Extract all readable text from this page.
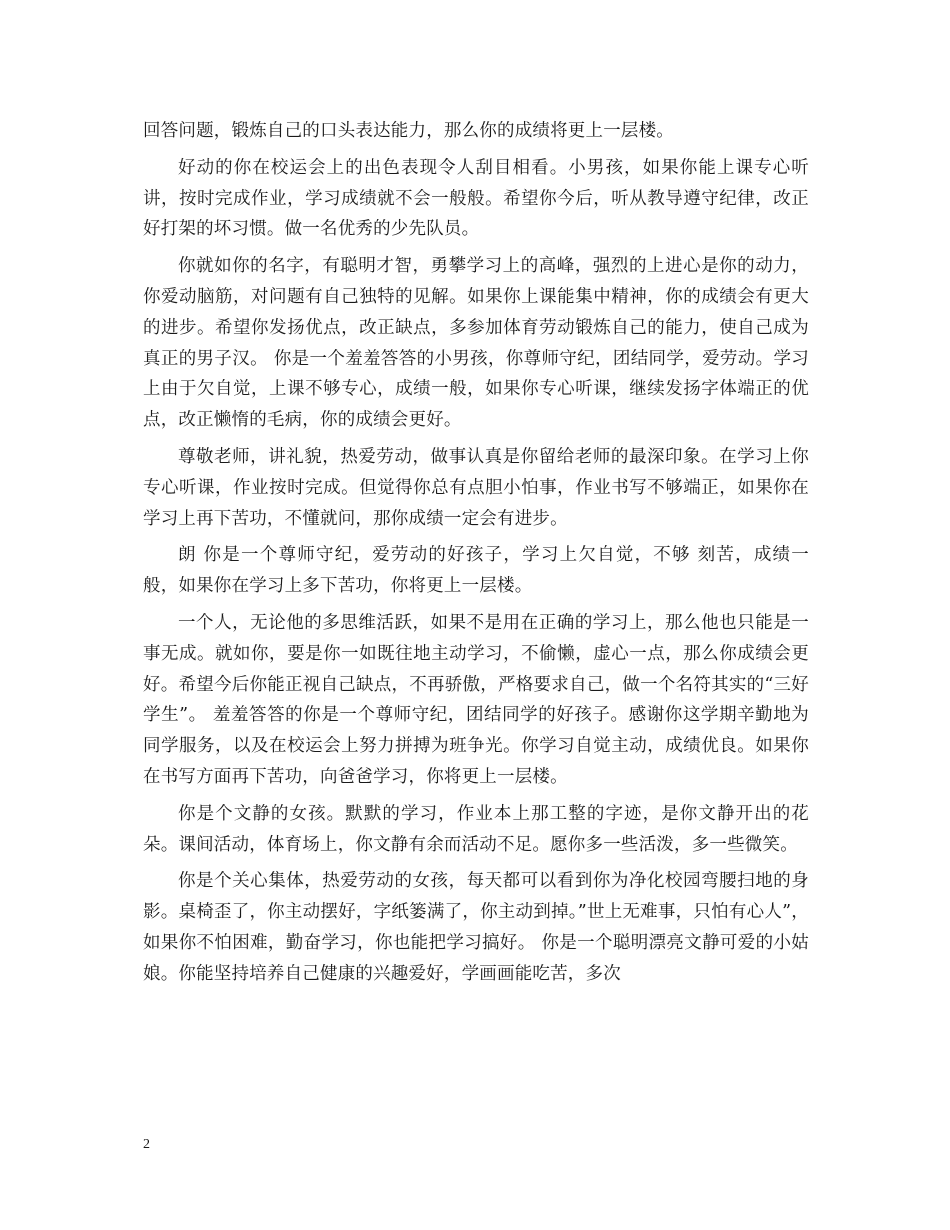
回答问题，锻炼自己的口头表达能力，那么你的成绩将更上一层楼。

好动的你在校运会上的出色表现令人刮目相看。小男孩，如果你能上课专心听讲，按时完成作业，学习成绩就不会一般般。希望你今后，听从教导遵守纪律，改正好打架的坏习惯。做一名优秀的少先队员。

你就如你的名字，有聪明才智，勇攀学习上的高峰，强烈的上进心是你的动力，你爱动脑筋，对问题有自己独特的见解。如果你上课能集中精神，你的成绩会有更大的进步。希望你发扬优点，改正缺点，多参加体育劳动锻炼自己的能力，使自己成为真正的男子汉。 你是一个羞羞答答的小男孩，你尊师守纪，团结同学，爱劳动。学习上由于欠自觉，上课不够专心，成绩一般，如果你专心听课，继续发扬字体端正的优点，改正懒惰的毛病，你的成绩会更好。

尊敬老师，讲礼貌，热爱劳动，做事认真是你留给老师的最深印象。在学习上你专心听课，作业按时完成。但觉得你总有点胆小怕事，作业书写不够端正，如果你在学习上再下苦功，不懂就问，那你成绩一定会有进步。

朗 你是一个尊师守纪，爱劳动的好孩子，学习上欠自觉，不够 刻苦，成绩一般，如果你在学习上多下苦功，你将更上一层楼。

一个人，无论他的多思维活跃，如果不是用在正确的学习上，那么他也只能是一事无成。就如你，要是你一如既往地主动学习，不偷懒，虚心一点，那么你成绩会更好。希望今后你能正视自己缺点，不再骄傲，严格要求自己，做一个名符其实的“三好学生”。 羞羞答答的你是一个尊师守纪，团结同学的好孩子。感谢你这学期辛勤地为同学服务，以及在校运会上努力拼搏为班争光。你学习自觉主动，成绩优良。如果你在书写方面再下苦功，向爸爸学习，你将更上一层楼。

你是个文静的女孩。默默的学习，作业本上那工整的字迹，是你文静开出的花朵。课间活动，体育场上，你文静有余而活动不足。愿你多一些活泼，多一些微笑。

你是个关心集体，热爱劳动的女孩，每天都可以看到你为净化校园弯腰扫地的身影。桌椅歪了，你主动摆好，字纸篓满了，你主动到掉。”世上无难事，只怕有心人”，如果你不怕困难，勤奋学习，你也能把学习搞好。 你是一个聪明漂亮文静可爱的小姑娘。你能坚持培养自己健康的兴趣爱好，学画画能吃苦，多次

2
